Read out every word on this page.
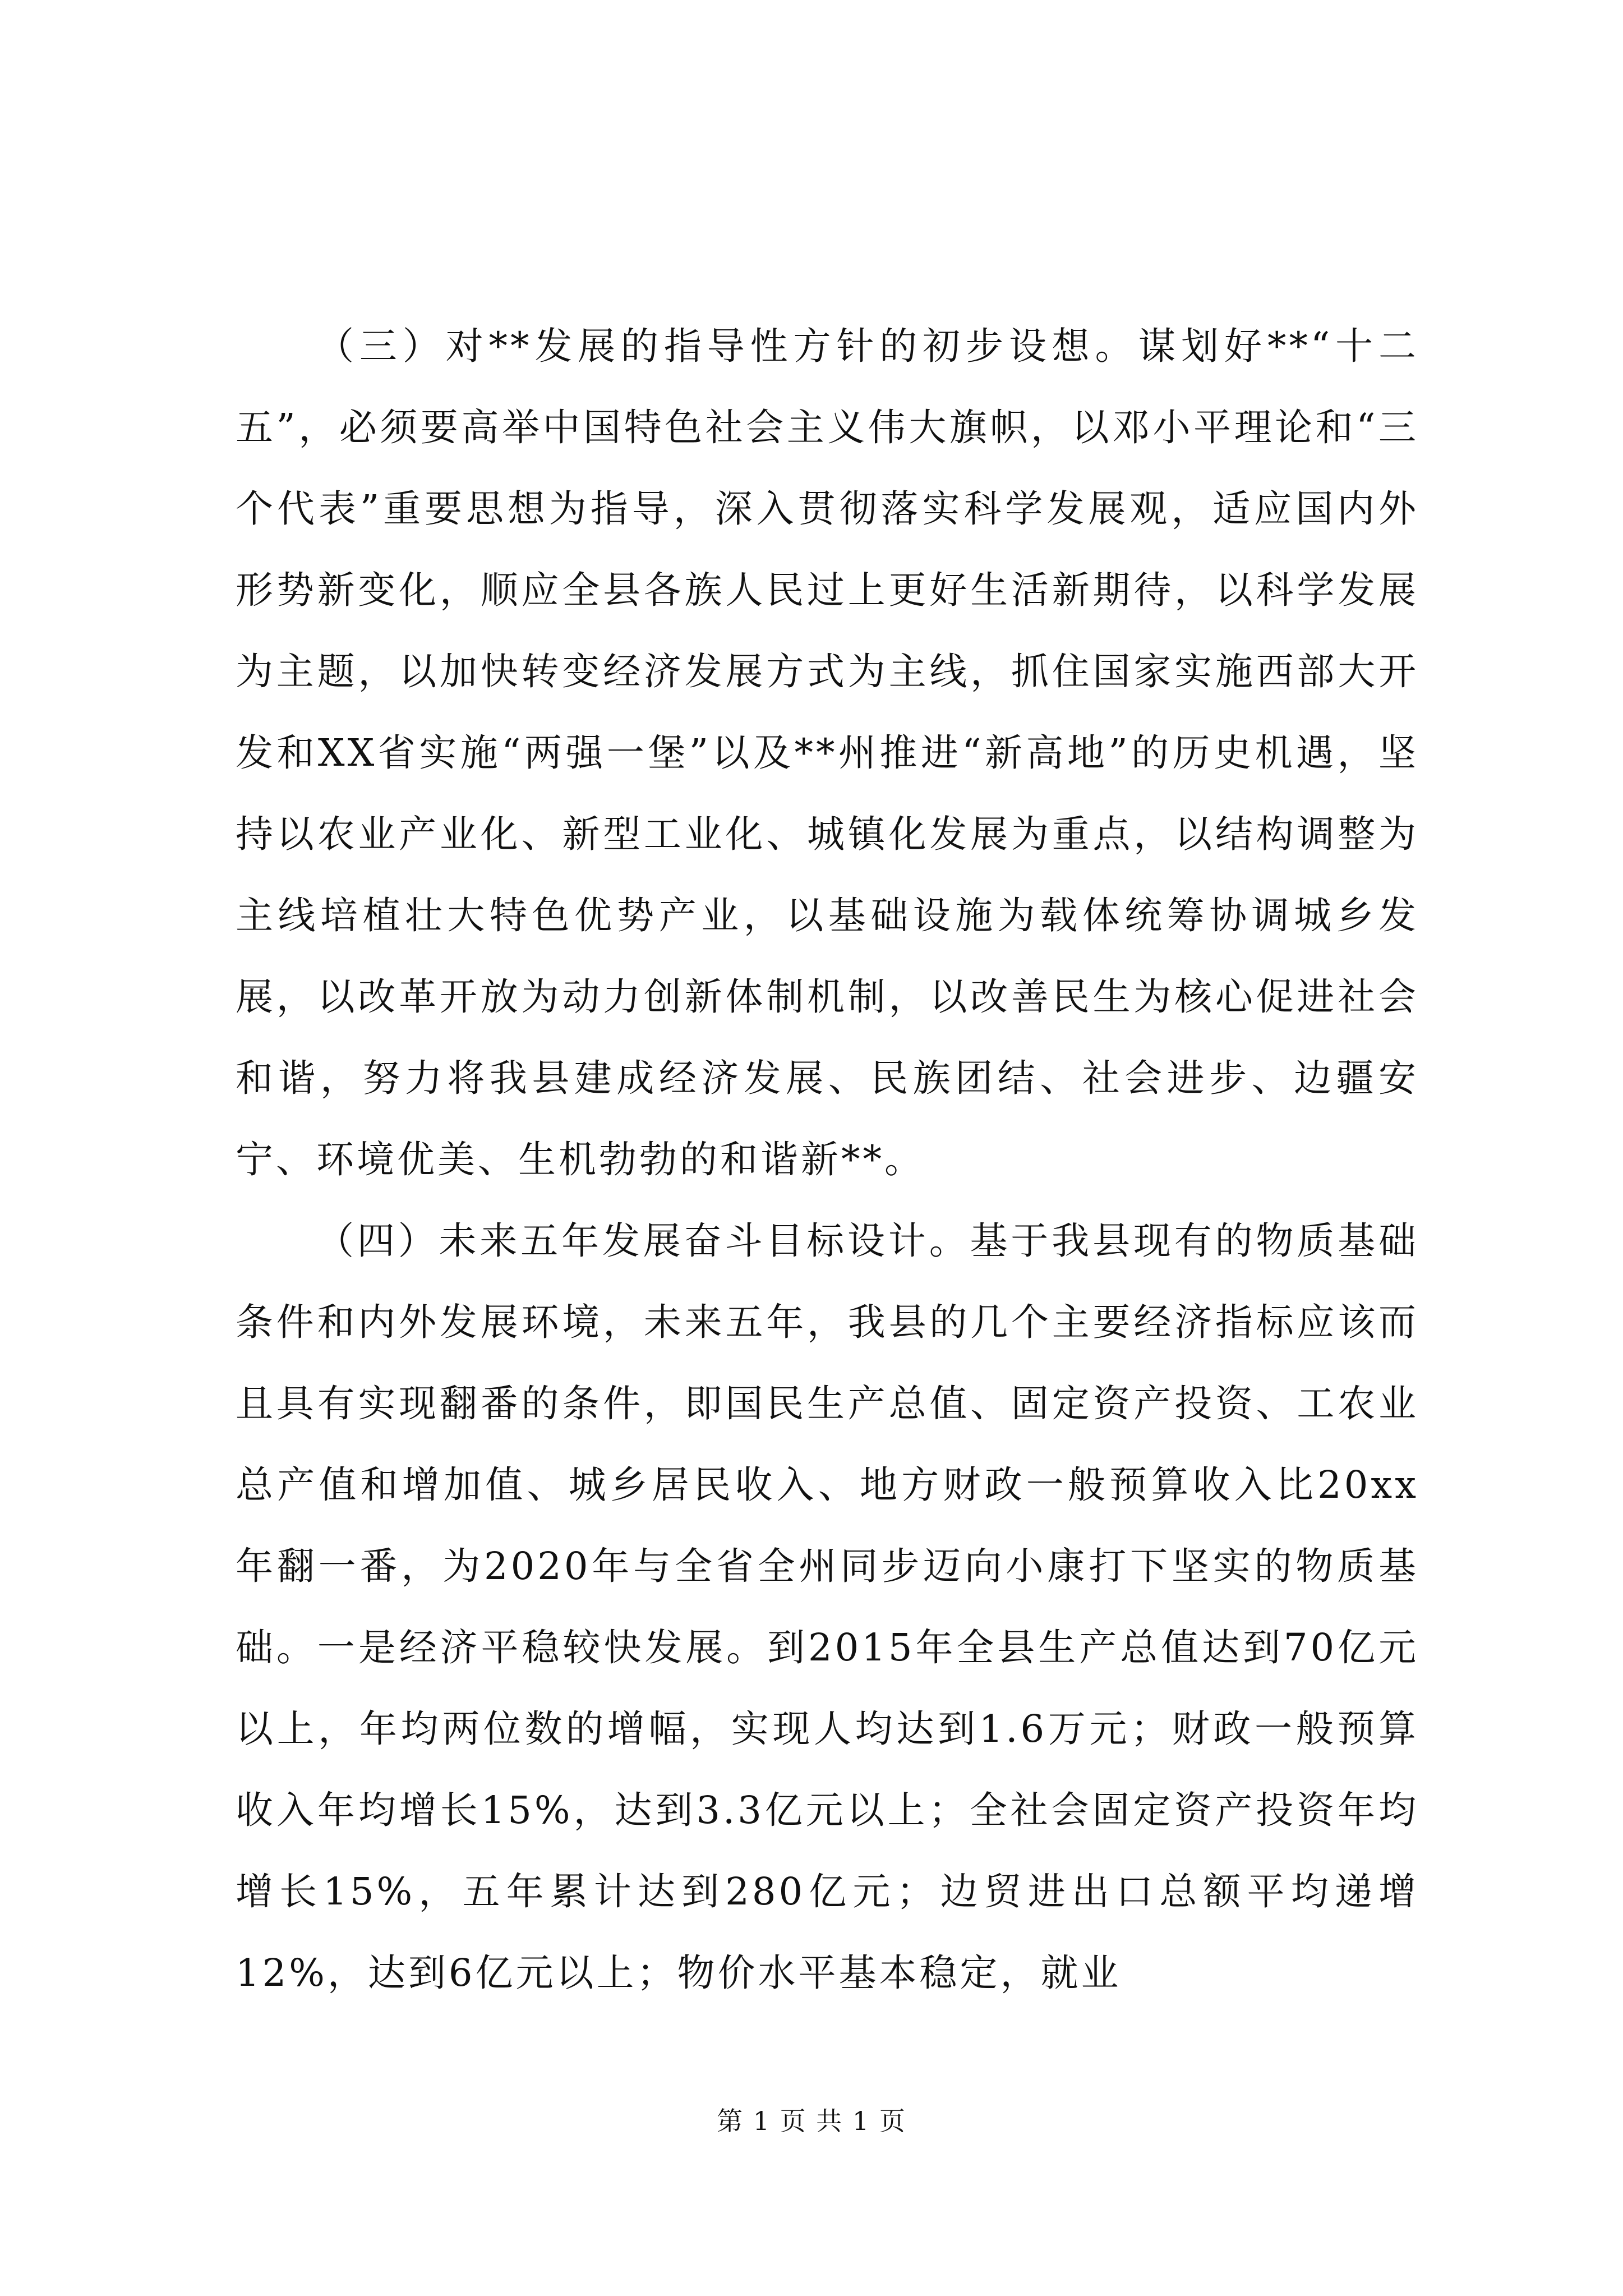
（三）对**发展的指导性方针的初步设想。谋划好**“十二五”，必须要高举中国特色社会主义伟大旗帜，以邓小平理论和“三个代表”重要思想为指导，深入贯彻落实科学发展观，适应国内外形势新变化，顺应全县各族人民过上更好生活新期待，以科学发展为主题，以加快转变经济发展方式为主线，抓住国家实施西部大开发和XX省实施“两强一堡”以及**州推进“新高地”的历史机遇，坚持以农业产业化、新型工业化、城镇化发展为重点，以结构调整为主线培植壮大特色优势产业，以基础设施为载体统筹协调城乡发展，以改革开放为动力创新体制机制，以改善民生为核心促进社会和谐，努力将我县建成经济发展、民族团结、社会进步、边疆安宁、环境优美、生机勃勃的和谐新**。

（四）未来五年发展奋斗目标设计。基于我县现有的物质基础条件和内外发展环境，未来五年，我县的几个主要经济指标应该而且具有实现翻番的条件，即国民生产总值、固定资产投资、工农业总产值和增加值、城乡居民收入、地方财政一般预算收入比20xx年翻一番，为2020年与全省全州同步迈向小康打下坚实的物质基础。一是经济平稳较快发展。到2015年全县生产总值达到70亿元以上，年均两位数的增幅，实现人均达到1.6万元；财政一般预算收入年均增长15%，达到3.3亿元以上；全社会固定资产投资年均增长15%，五年累计达到280亿元；边贸进出口总额平均递增12%，达到6亿元以上；物价水平基本稳定，就业

第 1 页 共 1 页
